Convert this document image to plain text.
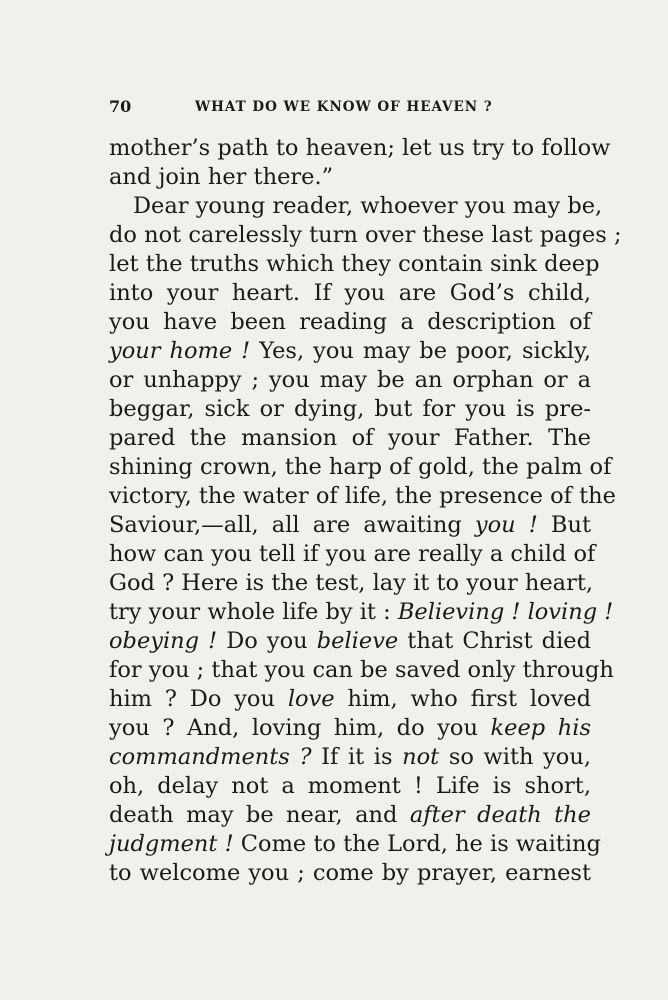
70	WHAT DO WE KNOW OF HEAVEN ?
mother’s path to heaven; let us try to follow
and join her there.”
Dear young reader, whoever you may be,
do not carelessly turn over these last pages ;
let the truths which they contain sink deep
into your heart. If you are God’s child,
you have been reading a description of
your home ! Yes, you may be poor, sickly,
or unhappy ; you may be an orphan or a
beggar, sick or dying, but for you is pre-
pared the mansion of your Father. The
shining crown, the harp of gold, the palm of
victory, the water of life, the presence of the
Saviour,—all, all are awaiting you ! But
how can you tell if you are really a child of
God ? Here is the test, lay it to your heart,
try your whole life by it : Believing ! loving !
obeying ! Do you believe that Christ died
for you ; that you can be saved only through
him ? Do you love him, who first loved
you ? And, loving him, do you keep his
commandments ? If it is not so with you,
oh, delay not a moment ! Life is short,
death may be near, and after death the
judgment ! Come to the Lord, he is waiting
to welcome you ; come by prayer, earnest
